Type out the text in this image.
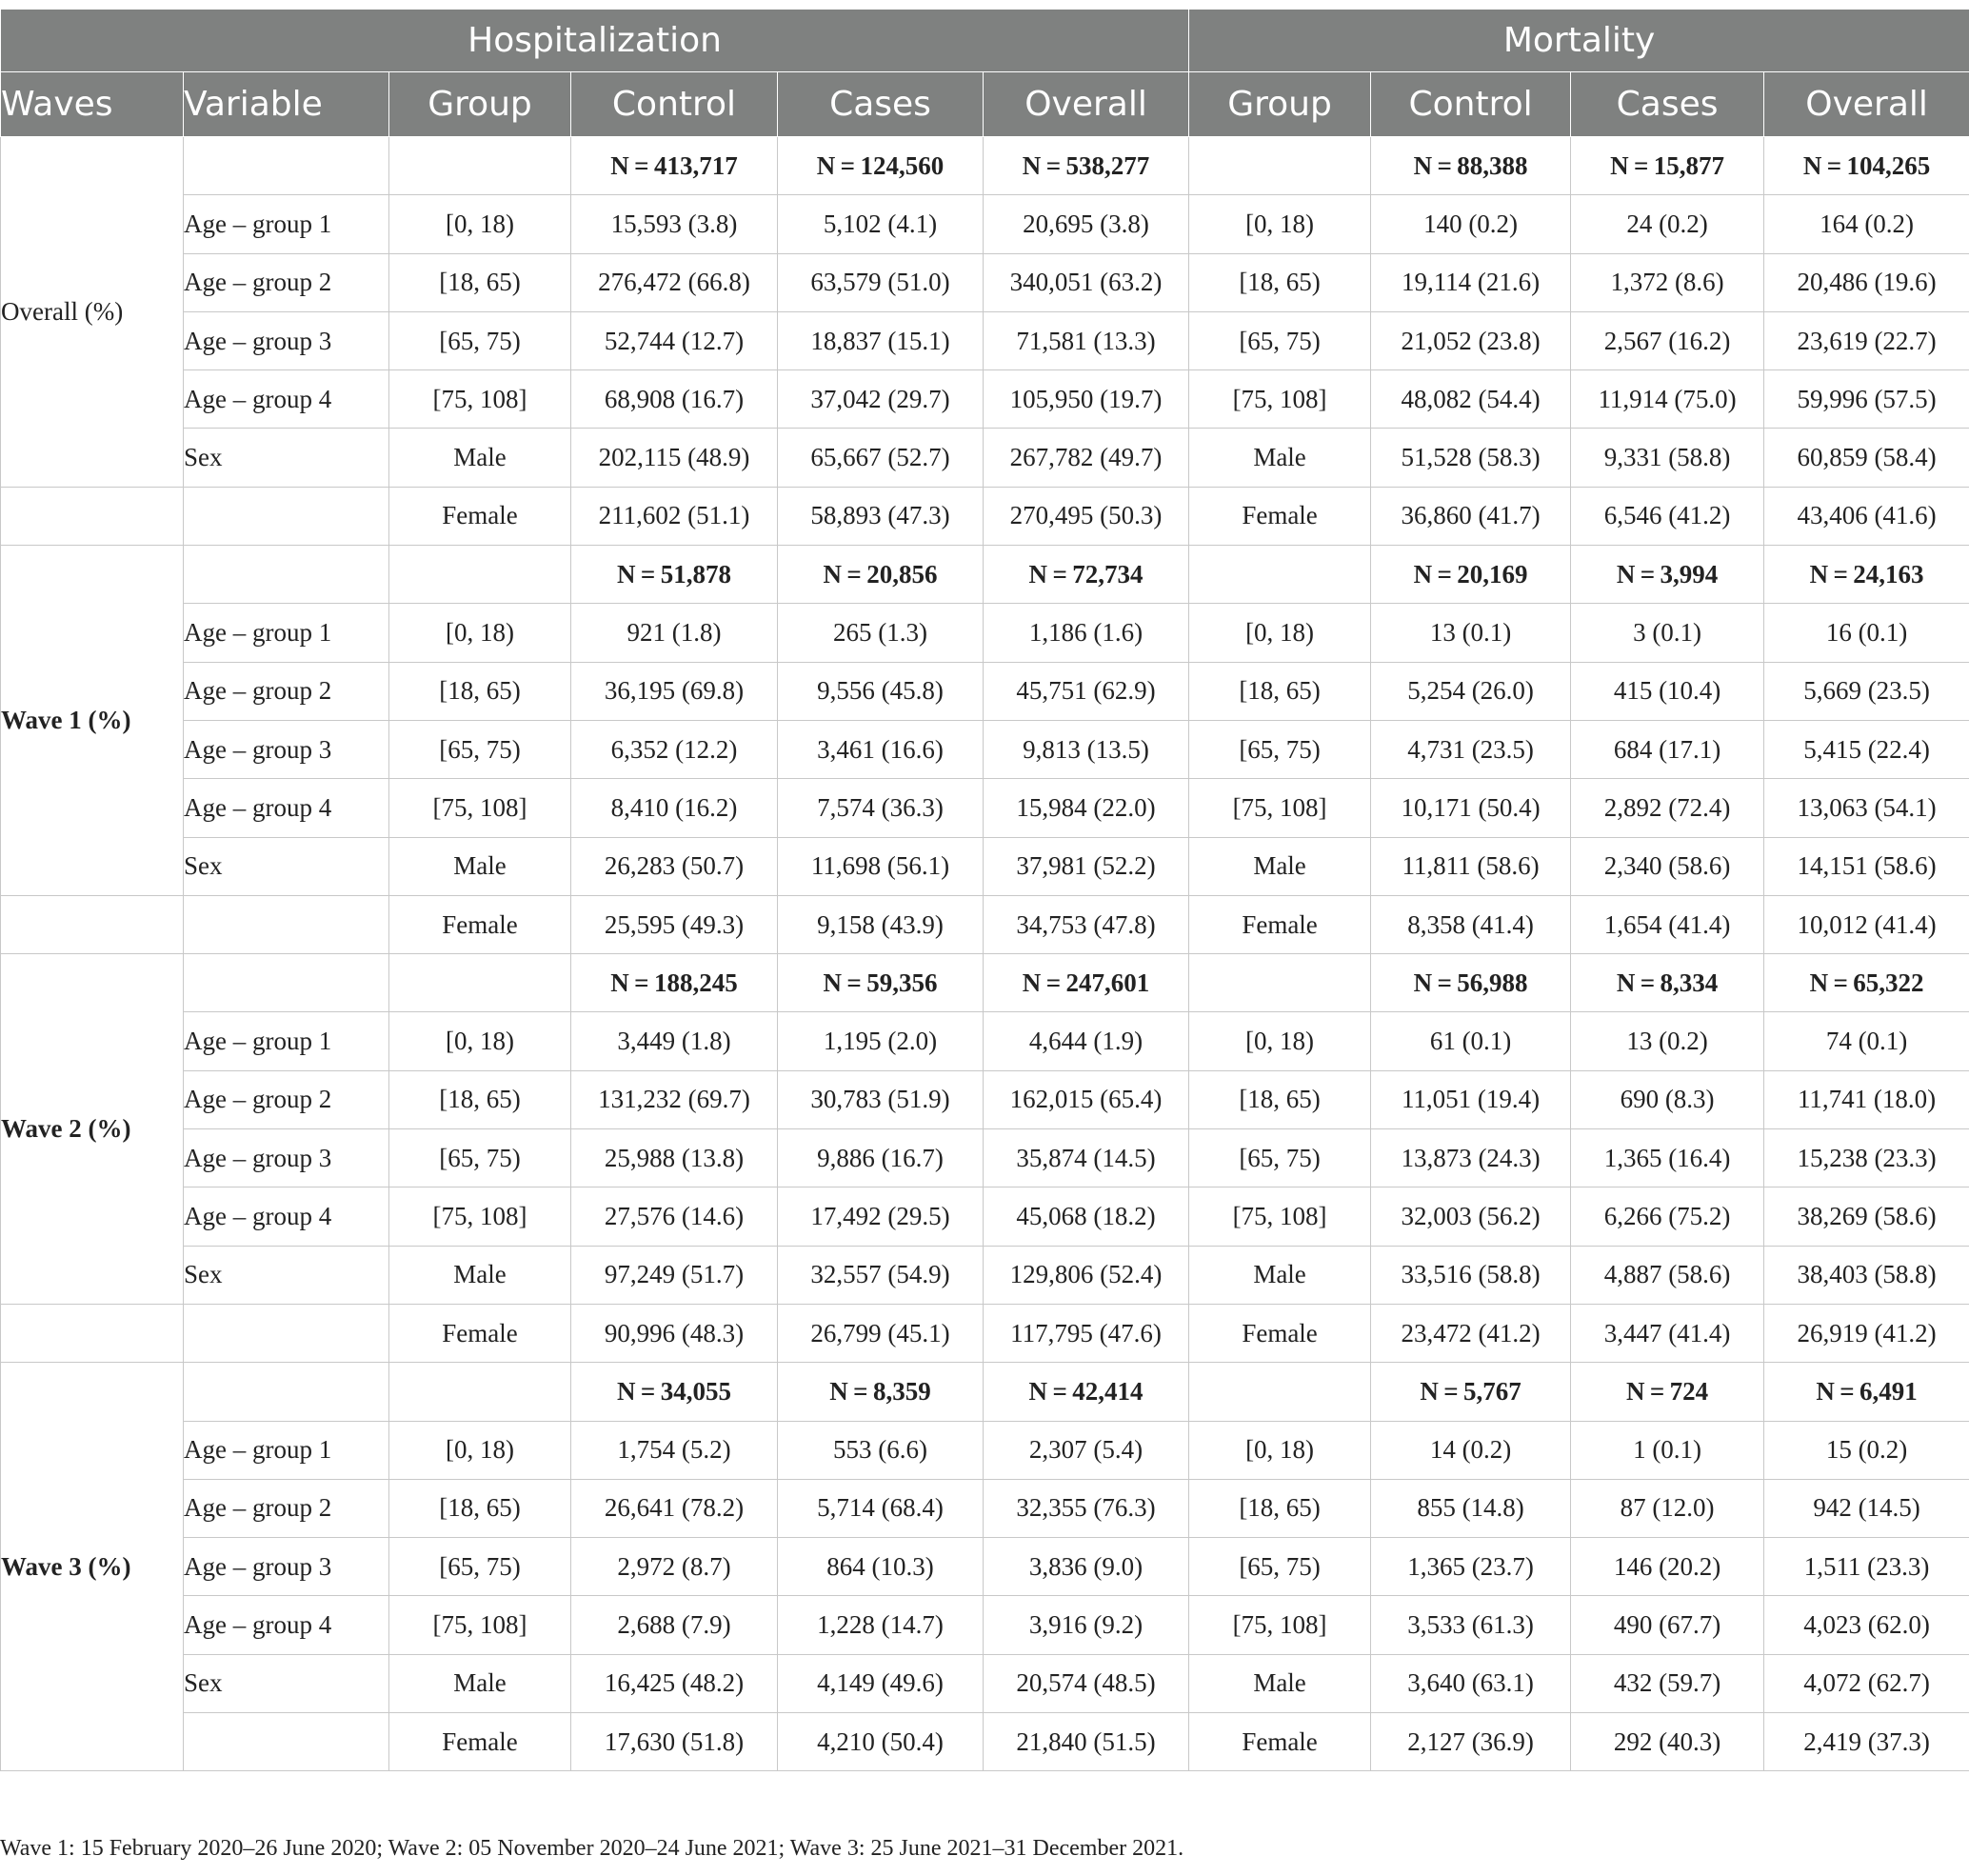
Hospitalization						Mortality			
Waves	Variable	Group	Control	Cases	Overall	Group	Control	Cases	Overall
Overall (%)			N = 413,717	N = 124,560	N = 538,277		N = 88,388	N = 15,877	N = 104,265
	Age – group 1	[0, 18)	15,593 (3.8)	5,102 (4.1)	20,695 (3.8)	[0, 18)	140 (0.2)	24 (0.2)	164 (0.2)
	Age – group 2	[18, 65)	276,472 (66.8)	63,579 (51.0)	340,051 (63.2)	[18, 65)	19,114 (21.6)	1,372 (8.6)	20,486 (19.6)
	Age – group 3	[65, 75)	52,744 (12.7)	18,837 (15.1)	71,581 (13.3)	[65, 75)	21,052 (23.8)	2,567 (16.2)	23,619 (22.7)
	Age – group 4	[75, 108]	68,908 (16.7)	37,042 (29.7)	105,950 (19.7)	[75, 108]	48,082 (54.4)	11,914 (75.0)	59,996 (57.5)
	Sex	Male	202,115 (48.9)	65,667 (52.7)	267,782 (49.7)	Male	51,528 (58.3)	9,331 (58.8)	60,859 (58.4)
		Female	211,602 (51.1)	58,893 (47.3)	270,495 (50.3)	Female	36,860 (41.7)	6,546 (41.2)	43,406 (41.6)
Wave 1 (%)			N = 51,878	N = 20,856	N = 72,734		N = 20,169	N = 3,994	N = 24,163
	Age – group 1	[0, 18)	921 (1.8)	265 (1.3)	1,186 (1.6)	[0, 18)	13 (0.1)	3 (0.1)	16 (0.1)
	Age – group 2	[18, 65)	36,195 (69.8)	9,556 (45.8)	45,751 (62.9)	[18, 65)	5,254 (26.0)	415 (10.4)	5,669 (23.5)
	Age – group 3	[65, 75)	6,352 (12.2)	3,461 (16.6)	9,813 (13.5)	[65, 75)	4,731 (23.5)	684 (17.1)	5,415 (22.4)
	Age – group 4	[75, 108]	8,410 (16.2)	7,574 (36.3)	15,984 (22.0)	[75, 108]	10,171 (50.4)	2,892 (72.4)	13,063 (54.1)
	Sex	Male	26,283 (50.7)	11,698 (56.1)	37,981 (52.2)	Male	11,811 (58.6)	2,340 (58.6)	14,151 (58.6)
		Female	25,595 (49.3)	9,158 (43.9)	34,753 (47.8)	Female	8,358 (41.4)	1,654 (41.4)	10,012 (41.4)
Wave 2 (%)			N = 188,245	N = 59,356	N = 247,601		N = 56,988	N = 8,334	N = 65,322
	Age – group 1	[0, 18)	3,449 (1.8)	1,195 (2.0)	4,644 (1.9)	[0, 18)	61 (0.1)	13 (0.2)	74 (0.1)
	Age – group 2	[18, 65)	131,232 (69.7)	30,783 (51.9)	162,015 (65.4)	[18, 65)	11,051 (19.4)	690 (8.3)	11,741 (18.0)
	Age – group 3	[65, 75)	25,988 (13.8)	9,886 (16.7)	35,874 (14.5)	[65, 75)	13,873 (24.3)	1,365 (16.4)	15,238 (23.3)
	Age – group 4	[75, 108]	27,576 (14.6)	17,492 (29.5)	45,068 (18.2)	[75, 108]	32,003 (56.2)	6,266 (75.2)	38,269 (58.6)
	Sex	Male	97,249 (51.7)	32,557 (54.9)	129,806 (52.4)	Male	33,516 (58.8)	4,887 (58.6)	38,403 (58.8)
		Female	90,996 (48.3)	26,799 (45.1)	117,795 (47.6)	Female	23,472 (41.2)	3,447 (41.4)	26,919 (41.2)
Wave 3 (%)			N = 34,055	N = 8,359	N = 42,414		N = 5,767	N = 724	N = 6,491
	Age – group 1	[0, 18)	1,754 (5.2)	553 (6.6)	2,307 (5.4)	[0, 18)	14 (0.2)	1 (0.1)	15 (0.2)
	Age – group 2	[18, 65)	26,641 (78.2)	5,714 (68.4)	32,355 (76.3)	[18, 65)	855 (14.8)	87 (12.0)	942 (14.5)
	Age – group 3	[65, 75)	2,972 (8.7)	864 (10.3)	3,836 (9.0)	[65, 75)	1,365 (23.7)	146 (20.2)	1,511 (23.3)
	Age – group 4	[75, 108]	2,688 (7.9)	1,228 (14.7)	3,916 (9.2)	[75, 108]	3,533 (61.3)	490 (67.7)	4,023 (62.0)
	Sex	Male	16,425 (48.2)	4,149 (49.6)	20,574 (48.5)	Male	3,640 (63.1)	432 (59.7)	4,072 (62.7)
		Female	17,630 (51.8)	4,210 (50.4)	21,840 (51.5)	Female	2,127 (36.9)	292 (40.3)	2,419 (37.3)
Wave 1: 15 February 2020–26 June 2020; Wave 2: 05 November 2020–24 June 2021; Wave 3: 25 June 2021–31 December 2021.
